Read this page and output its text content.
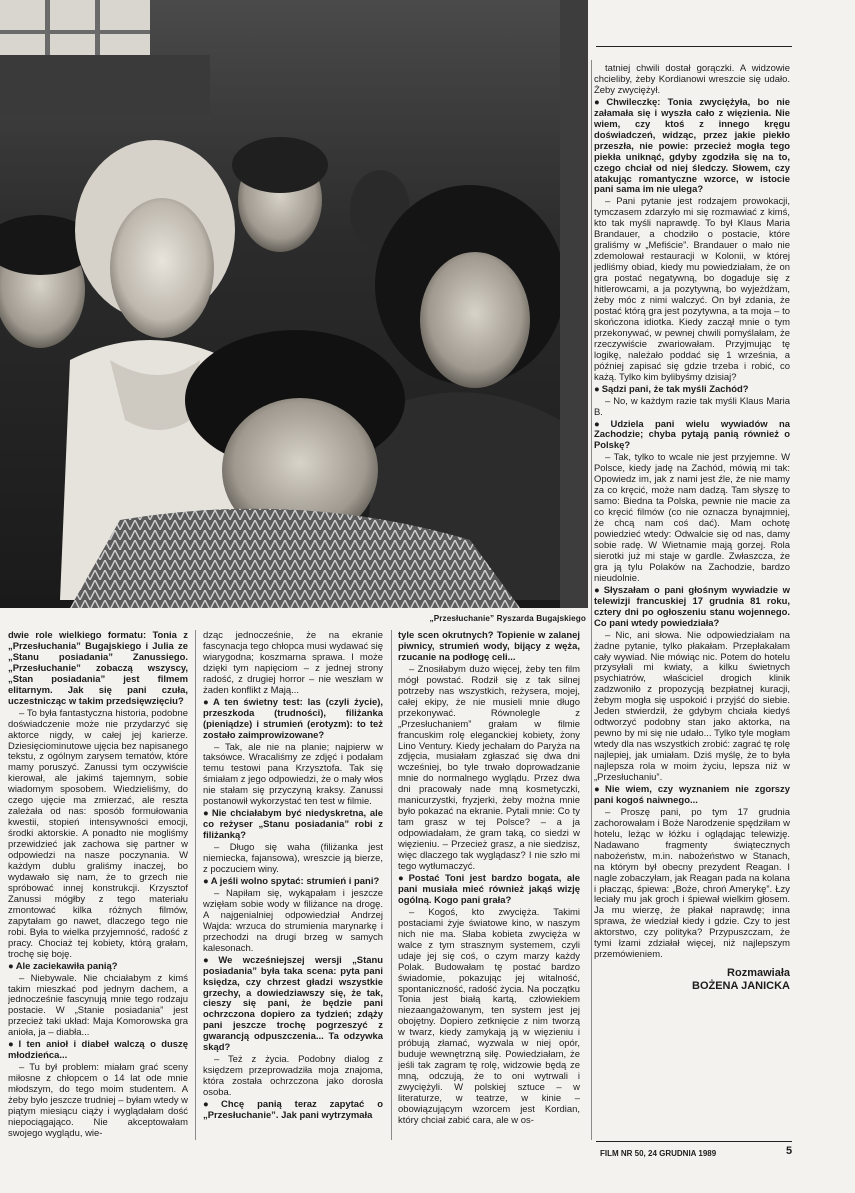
„Przesłuchanie” Ryszarda Bugajskiego

tatniej chwili dostał gorączki. A widzowie chcieliby, żeby Kordianowi wreszcie się udało. Żeby zwyciężył.

● Chwileczkę: Tonia zwyciężyła, bo nie załamała się i wyszła cało z więzienia. Nie wiem, czy ktoś z innego kręgu doświadczeń, widząc, przez jakie piekło przeszła, nie powie: przecież mogła tego piekła uniknąć, gdyby zgodziła się na to, czego chciał od niej śledczy. Słowem, czy atakując romantyczne wzorce, w istocie pani sama im nie ulega?

– Pani pytanie jest rodzajem prowokacji, tymczasem zdarzyło mi się rozmawiać z kimś, kto tak myśli naprawdę. To był Klaus Maria Brandauer, a chodziło o postacie, które graliśmy w „Mefiście”. Brandauer o mało nie zdemolował restauracji w Kolonii, w której jedliśmy obiad, kiedy mu powiedziałam, że on gra postać negatywną, bo dogaduje się z hitlerowcami, a ja pozytywną, bo wyjeżdżam, żeby móc z nimi walczyć. On był zdania, że postać którą gra jest pozytywna, a ta moja – to skończona idiotka. Kiedy zaczął mnie o tym przekonywać, w pewnej chwili pomyślałam, że rzeczywiście zwariowałam. Przyjmując tę logikę, należało poddać się 1 września, a później zapisać się gdzie trzeba i robić, co każą. Tylko kim bylibyśmy dzisiaj?

● Sądzi pani, że tak myśli Zachód?

– No, w każdym razie tak myśli Klaus Maria B.

● Udziela pani wielu wywiadów na Zachodzie; chyba pytają panią również o Polskę?

– Tak, tylko to wcale nie jest przyjemne. W Polsce, kiedy jadę na Zachód, mówią mi tak: Opowiedz im, jak z nami jest źle, że nie mamy za co kręcić, może nam dadzą. Tam słyszę to samo: Biedna ta Polska, pewnie nie macie za co kręcić filmów (co nie oznacza bynajmniej, że chcą nam coś dać). Mam ochotę powiedzieć wtedy: Odwalcie się od nas, damy sobie radę. W Wietnamie mają gorzej. Rola sierotki już mi staje w gardle. Zwłaszcza, że gra ją tylu Polaków na Zachodzie, bardzo nieudolnie.

● Słyszałam o pani głośnym wywiadzie w telewizji francuskiej 17 grudnia 81 roku, cztery dni po ogłoszeniu stanu wojennego. Co pani wtedy powiedziała?

– Nic, ani słowa. Nie odpowiedziałam na żadne pytanie, tylko płakałam. Przepłakałam cały wywiad. Nie mówiąc nic. Potem do hotelu przysyłali mi kwiaty, a kilku świetnych psychiatrów, właściciel drogich klinik zadzwoniło z propozycją bezpłatnej kuracji, żebym mogła się uspokoić i przyjść do siebie. Jeden stwierdził, że gdybym chciała kiedyś odtworzyć podobny stan jako aktorka, na pewno by mi się nie udało... Tylko tyle mogłam wtedy dla nas wszystkich zrobić: zagrać tę rolę najlepiej, jak umiałam. Dziś myślę, że to była najlepsza rola w moim życiu, lepsza niż w „Przesłuchaniu”.

● Nie wiem, czy wyznaniem nie zgorszy pani kogoś naiwnego...

– Proszę pani, po tym 17 grudnia zachorowałam i Boże Narodzenie spędziłam w hotelu, leżąc w łóżku i oglądając telewizję. Nadawano fragmenty świątecznych nabożeństw, m.in. nabożeństwo w Stanach, na którym był obecny prezydent Reagan. I nagle zobaczyłam, jak Reagan pada na kolana i płacząc, śpiewa: „Boże, chroń Amerykę”. Łzy leciały mu jak groch i śpiewał wielkim głosem. Ja mu wierzę, że płakał naprawdę; inna sprawa, że wiedział kiedy i gdzie. Czy to jest aktorstwo, czy polityka? Przypuszczam, że tymi łzami zdziałał więcej, niż najlepszym przemówieniem.

Rozmawiała
BOŻENA JANICKA

dwie role wielkiego formatu: Tonia z „Przesłuchania” Bugajskiego i Julia ze „Stanu posiadania” Zanussiego. „Przesłuchanie” zobaczą wszyscy, „Stan posiadania” jest filmem elitarnym. Jak się pani czuła, uczestnicząc w takim przedsięwzięciu?

– To była fantastyczna historia, podobne doświadczenie może nie przydarzyć się aktorce nigdy, w całej jej karierze. Dziesięciominutowe ujęcia bez napisanego tekstu, z ogólnym zarysem tematów, które mamy poruszyć. Zanussi tym oczywiście kierował, ale jakimś tajemnym, sobie wiadomym sposobem. Wiedzieliśmy, do czego ujęcie ma zmierzać, ale reszta zależała od nas: sposób formułowania kwestii, stopień intensywności emocji, środki aktorskie. A ponadto nie mogliśmy przewidzieć jak zachowa się partner w odpowiedzi na nasze poczynania. W każdym dublu graliśmy inaczej, bo wydawało się nam, że to grzech nie spróbować innej konstrukcji. Krzysztof Zanussi mógłby z tego materiału zmontować kilka różnych filmów, zapytałam go nawet, dlaczego tego nie robi. Była to wielka przyjemność, radość z pracy. Chociaż tej kobiety, którą grałam, trochę się boję.

● Ale zaciekawiła panią?

– Niebywale. Nie chciałabym z kimś takim mieszkać pod jednym dachem, a jednocześnie fascynują mnie tego rodzaju postacie. W „Stanie posiadania” jest przecież taki układ: Maja Komorowska gra anioła, ja – diabła...

● I ten anioł i diabeł walczą o duszę młodzieńca...

– Tu był problem: miałam grać sceny miłosne z chłopcem o 14 lat ode mnie młodszym, do tego moim studentem. A żeby było jeszcze trudniej – byłam wtedy w piątym miesiącu ciąży i wyglądałam dość niepociągająco. Nie akceptowałam swojego wyglądu, wie-

dząc jednocześnie, że na ekranie fascynacja tego chłopca musi wydawać się wiarygodna; koszmarna sprawa. I może dzięki tym napięciom – z jednej strony radość, z drugiej horror – nie weszłam w żaden konflikt z Mają...

● A ten świetny test: las (czyli życie), przeszkoda (trudności), filiżanka (pieniądze) i strumień (erotyzm): to też zostało zaimprowizowane?

– Tak, ale nie na planie; najpierw w taksówce. Wracaliśmy ze zdjęć i podałam temu testowi pana Krzysztofa. Tak się śmiałam z jego odpowiedzi, że o mały włos nie stałam się przyczyną kraksy. Zanussi postanowił wykorzystać ten test w filmie.

● Nie chciałabym być niedyskretna, ale co reżyser „Stanu posiadania” robi z filiżanką?

– Długo się waha (filiżanka jest niemiecka, fajansowa), wreszcie ją bierze, z poczuciem winy.

● A jeśli wolno spytać: strumień i pani?

– Napiłam się, wykąpałam i jeszcze wzięłam sobie wody w filiżance na drogę. A najgenialniej odpowiedział Andrzej Wajda: wrzuca do strumienia marynarkę i przechodzi na drugi brzeg w samych kalesonach.

● We wcześniejszej wersji „Stanu posiadania” była taka scena: pyta pani księdza, czy chrzest gładzi wszystkie grzechy, a dowiedziawszy się, że tak, cieszy się pani, że będzie pani ochrzczona dopiero za tydzień; zdąży pani jeszcze trochę pogrzeszyć z gwarancją odpuszczenia... Ta odzywka skąd?

– Też z życia. Podobny dialog z księdzem przeprowadziła moja znajoma, która została ochrzczona jako dorosła osoba.

● Chcę panią teraz zapytać o „Przesłuchanie”. Jak pani wytrzymała

tyle scen okrutnych? Topienie w zalanej piwnicy, strumień wody, bijący z węża, rzucanie na podłogę celi...

– Znosiłabym dużo więcej, żeby ten film mógł powstać. Rodził się z tak silnej potrzeby nas wszystkich, reżysera, mojej, całej ekipy, że nie musieli mnie długo przekonywać. Równolegle z „Przesłuchaniem” grałam w filmie francuskim rolę eleganckiej kobiety, żony Lino Ventury. Kiedy jechałam do Paryża na zdjęcia, musiałam zgłaszać się dwa dni wcześniej, bo tyle trwało doprowadzanie mnie do normalnego wyglądu. Przez dwa dni pracowały nade mną kosmetyczki, manicurzystki, fryzjerki, żeby można mnie było pokazać na ekranie. Pytali mnie: Co ty tam grasz w tej Polsce? – a ja odpowiadałam, że gram taką, co siedzi w więzieniu. – Przecież grasz, a nie siedzisz, więc dlaczego tak wyglądasz? I nie szło mi tego wytłumaczyć.

● Postać Toni jest bardzo bogata, ale pani musiała mieć również jakąś wizję ogólną. Kogo pani grała?

– Kogoś, kto zwycięża. Takimi postaciami żyje światowe kino, w naszym nich nie ma. Słaba kobieta zwycięża w walce z tym strasznym systemem, czyli udaje jej się coś, o czym marzy każdy Polak. Budowałam tę postać bardzo świadomie, pokazując jej witalność, spontaniczność, radość życia. Na początku Tonia jest białą kartą, człowiekiem niezaangażowanym, ten system jest jej obojętny. Dopiero zetknięcie z nim tworzą w twarz, kiedy zamykają ją w więzieniu i próbują złamać, wyzwala w niej opór, buduje wewnętrzną siłę. Powiedziałam, że jeśli tak zagram tę rolę, widzowie będą ze mną, odczują, że to oni wytrwali i zwyciężyli. W polskiej sztuce – w literaturze, w teatrze, w kinie – obowiązującym wzorcem jest Kordian, który chciał zabić cara, ale w os-

FILM NR 50, 24 GRUDNIA 1989	5
